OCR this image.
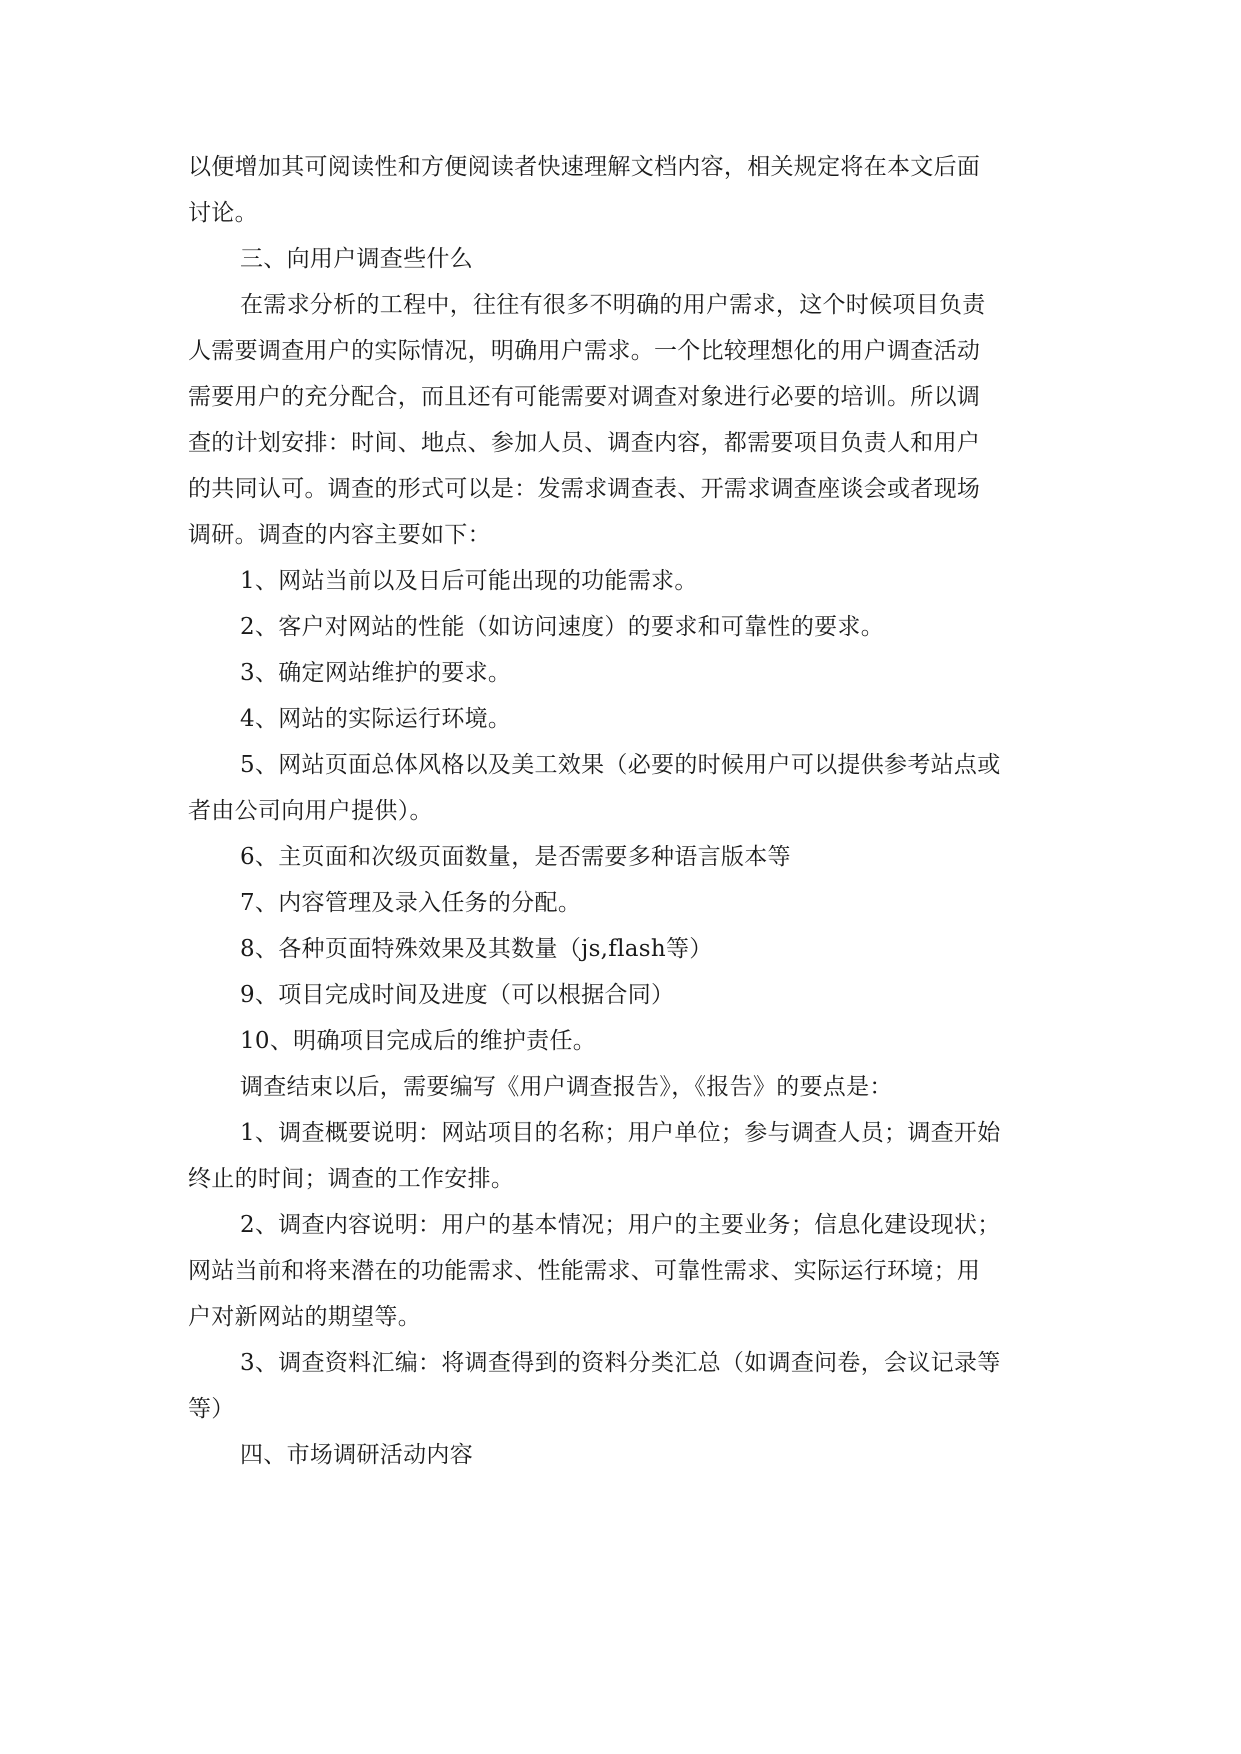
以便增加其可阅读性和方便阅读者快速理解文档内容，相关规定将在本文后面
讨论。
三、向用户调查些什么
在需求分析的工程中，往往有很多不明确的用户需求，这个时候项目负责
人需要调查用户的实际情况，明确用户需求。一个比较理想化的用户调查活动
需要用户的充分配合，而且还有可能需要对调查对象进行必要的培训。所以调
查的计划安排：时间、地点、参加人员、调查内容，都需要项目负责人和用户
的共同认可。调查的形式可以是：发需求调查表、开需求调查座谈会或者现场
调研。调查的内容主要如下：
1、网站当前以及日后可能出现的功能需求。
2、客户对网站的性能（如访问速度）的要求和可靠性的要求。
3、确定网站维护的要求。
4、网站的实际运行环境。
5、网站页面总体风格以及美工效果（必要的时候用户可以提供参考站点或
者由公司向用户提供）。
6、主页面和次级页面数量，是否需要多种语言版本等
7、内容管理及录入任务的分配。
8、各种页面特殊效果及其数量（js,flash等）
9、项目完成时间及进度（可以根据合同）
10、明确项目完成后的维护责任。
调查结束以后，需要编写《用户调查报告》，《报告》的要点是：
1、调查概要说明：网站项目的名称；用户单位；参与调查人员；调查开始
终止的时间；调查的工作安排。
2、调查内容说明：用户的基本情况；用户的主要业务；信息化建设现状；
网站当前和将来潜在的功能需求、性能需求、可靠性需求、实际运行环境；用
户对新网站的期望等。
3、调查资料汇编：将调查得到的资料分类汇总（如调查问卷，会议记录等
等）
四、市场调研活动内容
